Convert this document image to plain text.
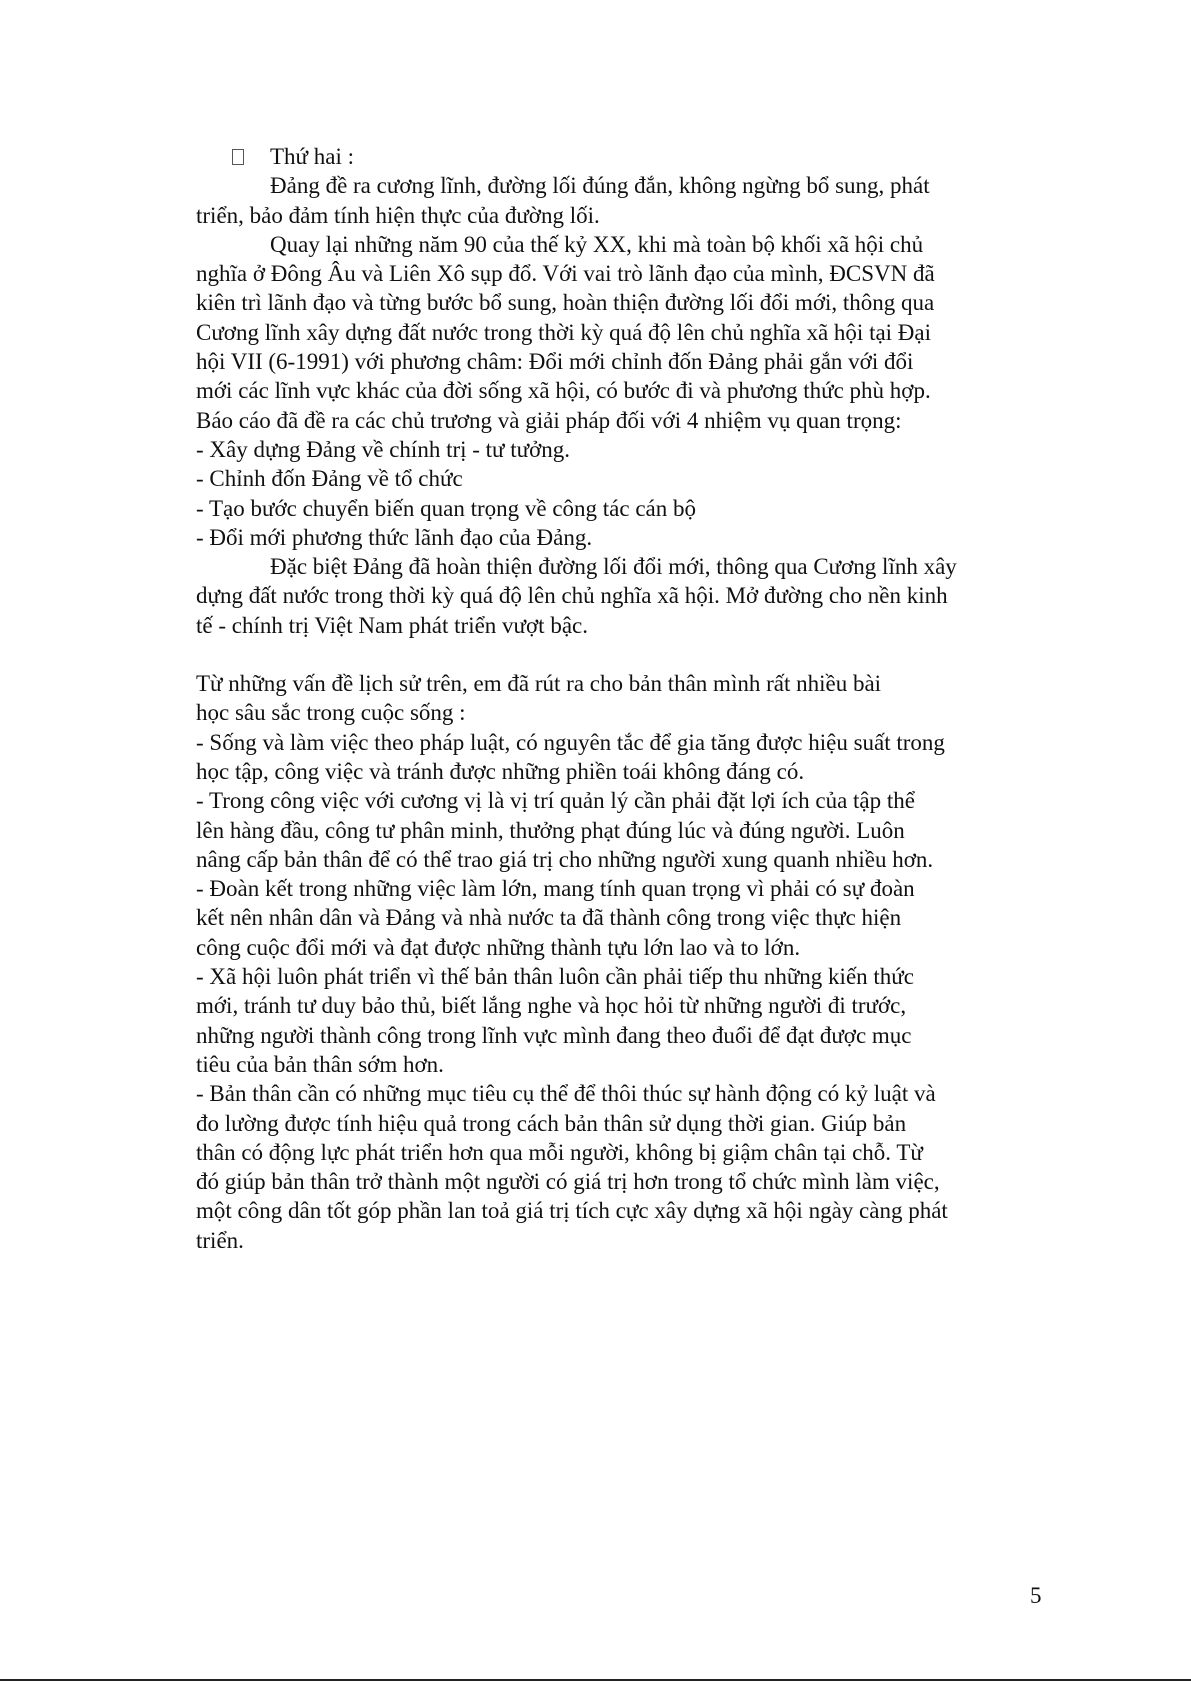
Thứ hai :
Đảng đề ra cương lĩnh, đường lối đúng đắn, không ngừng bổ sung, phát
triển, bảo đảm tính hiện thực của đường lối.
Quay lại những năm 90 của thế kỷ XX, khi mà toàn bộ khối xã hội chủ
nghĩa ở Đông Âu và Liên Xô sụp đổ. Với vai trò lãnh đạo của mình, ĐCSVN đã
kiên trì lãnh đạo và từng bước bổ sung, hoàn thiện đường lối đổi mới, thông qua
Cương lĩnh xây dựng đất nước trong thời kỳ quá độ lên chủ nghĩa xã hội tại Đại
hội VII (6-1991) với phương châm: Đổi mới chỉnh đốn Đảng phải gắn với đổi
mới các lĩnh vực khác của đời sống xã hội, có bước đi và phương thức phù hợp.
Báo cáo đã đề ra các chủ trương và giải pháp đối với 4 nhiệm vụ quan trọng:
- Xây dựng Đảng về chính trị - tư tưởng.
- Chỉnh đốn Đảng về tổ chức
- Tạo bước chuyển biến quan trọng về công tác cán bộ
- Đổi mới phương thức lãnh đạo của Đảng.
Đặc biệt Đảng đã hoàn thiện đường lối đổi mới, thông qua Cương lĩnh xây
dựng đất nước trong thời kỳ quá độ lên chủ nghĩa xã hội. Mở đường cho nền kinh
tế - chính trị Việt Nam phát triển vượt bậc.
Từ những vấn đề lịch sử trên, em đã rút ra cho bản thân mình rất nhiều bài
học sâu sắc trong cuộc sống :
- Sống và làm việc theo pháp luật, có nguyên tắc để gia tăng được hiệu suất trong
học tập, công việc và tránh được những phiền toái không đáng có.
- Trong công việc với cương vị là vị trí quản lý cần phải đặt lợi ích của tập thể
lên hàng đầu, công tư phân minh, thưởng phạt đúng lúc và đúng người. Luôn
nâng cấp bản thân để có thể trao giá trị cho những người xung quanh nhiều hơn.
- Đoàn kết trong những việc làm lớn, mang tính quan trọng vì phải có sự đoàn
kết nên nhân dân và Đảng và nhà nước ta đã thành công trong việc thực hiện
công cuộc đổi mới và đạt được những thành tựu lớn lao và to lớn.
- Xã hội luôn phát triển vì thế bản thân luôn cần phải tiếp thu những kiến thức
mới, tránh tư duy bảo thủ, biết lắng nghe và học hỏi từ những người đi trước,
những người thành công trong lĩnh vực mình đang theo đuổi để đạt được mục
tiêu của bản thân sớm hơn.
- Bản thân cần có những mục tiêu cụ thể để thôi thúc sự hành động có kỷ luật và
đo lường được tính hiệu quả trong cách bản thân sử dụng thời gian. Giúp bản
thân có động lực phát triển hơn qua mỗi người, không bị giậm chân tại chỗ. Từ
đó giúp bản thân trở thành một người có giá trị hơn trong tổ chức mình làm việc,
một công dân tốt góp phần lan toả giá trị tích cực xây dựng xã hội ngày càng phát
triển.
5
